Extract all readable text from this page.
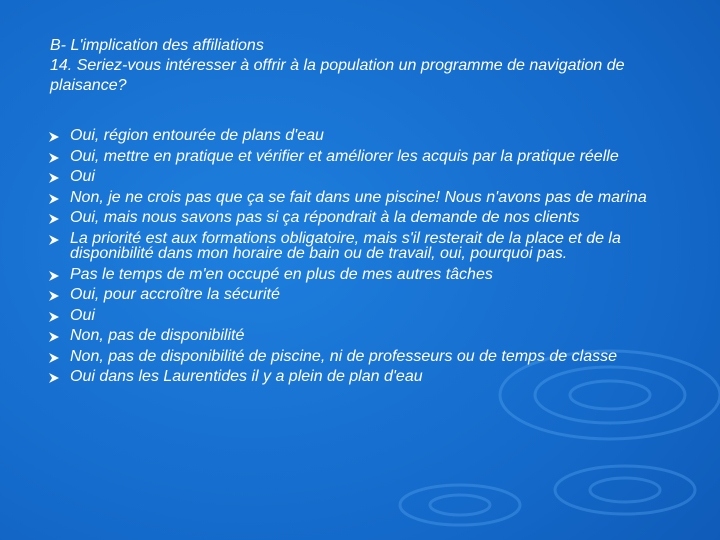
B- L'implication des affiliations
14. Seriez-vous intéresser à offrir à la population un programme de navigation de plaisance?
Oui, région entourée de plans d'eau
Oui, mettre en pratique et vérifier et améliorer les acquis par la pratique réelle
Oui
Non, je ne crois pas que ça se fait dans une piscine! Nous n'avons pas de marina
Oui, mais nous savons pas si ça répondrait à la demande de nos clients
La priorité est aux formations obligatoire, mais s'il resterait de la place et de la disponibilité dans mon horaire de bain ou de travail, oui, pourquoi pas.
Pas le temps de m'en occupé en plus de mes autres tâches
Oui, pour accroître la sécurité
Oui
Non, pas de disponibilité
Non, pas de disponibilité de piscine, ni de professeurs ou de temps de classe
Oui dans les Laurentides il y a plein de plan d'eau
